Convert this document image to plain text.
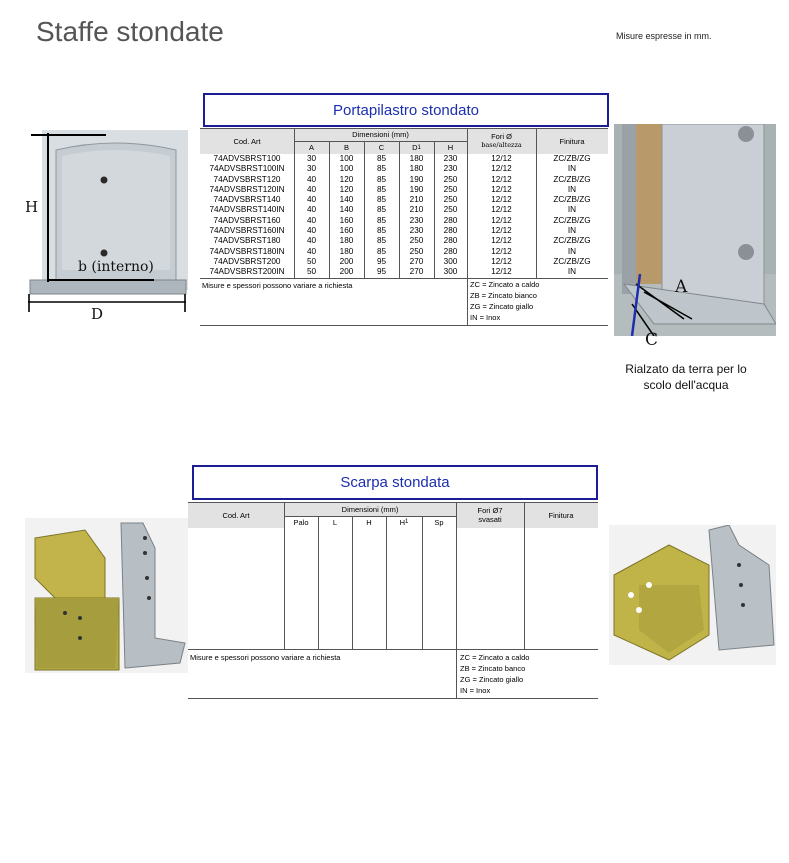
Staffe stondate	Misure espresse in mm.
H
b (interno)
D
Portapilastro stondato
Cod. Art
Dimensioni (mm)
A	B	C	D 1	H
Fori Ø
base/altezza	Finitura
74ADVSBRST100	30	100	85	180	230	12/12	ZC/ZB/ZG
74ADVSBRST100IN	30	100	85	180	230	12/12	IN
74ADVSBRST120	40	120	85	190	250	12/12	ZC/ZB/ZG
74ADVSBRST120IN	40	120	85	190	250	12/12	IN
74ADVSBRST140	40	140	85	210	250	12/12	ZC/ZB/ZG
74ADVSBRST140IN	40	140	85	210	250	12/12	IN
74ADVSBRST160	40	160	85	230	280	12/12	ZC/ZB/ZG
74ADVSBRST160IN	40	160	85	230	280	12/12	IN
74ADVSBRST180	40	180	85	250	280	12/12	ZC/ZB/ZG
74ADVSBRST180IN	40	180	85	250	280	12/12	IN
74ADVSBRST200	50	200	95	270	300	12/12	ZC/ZB/ZG
74ADVSBRST200IN	50	200	95	270	300	12/12	IN
Misure e spessori possono variare a richiesta	ZC = Zincato a caldo
ZB = Zincato bianco
ZG = Zincato giallo
IN = Inox
A
C
Rialzato da terra per lo scolo dell'acqua
Scarpa stondata
Cod. Art
Dimensioni (mm)
Palo	L	H	H 1	Sp
Fori Ø7
svasati	Finitura
Misure e spessori possono variare a richiesta	ZC = Zincato a caldo
ZB = Zincato banco
ZG = Zincato giallo
IN = Inox
